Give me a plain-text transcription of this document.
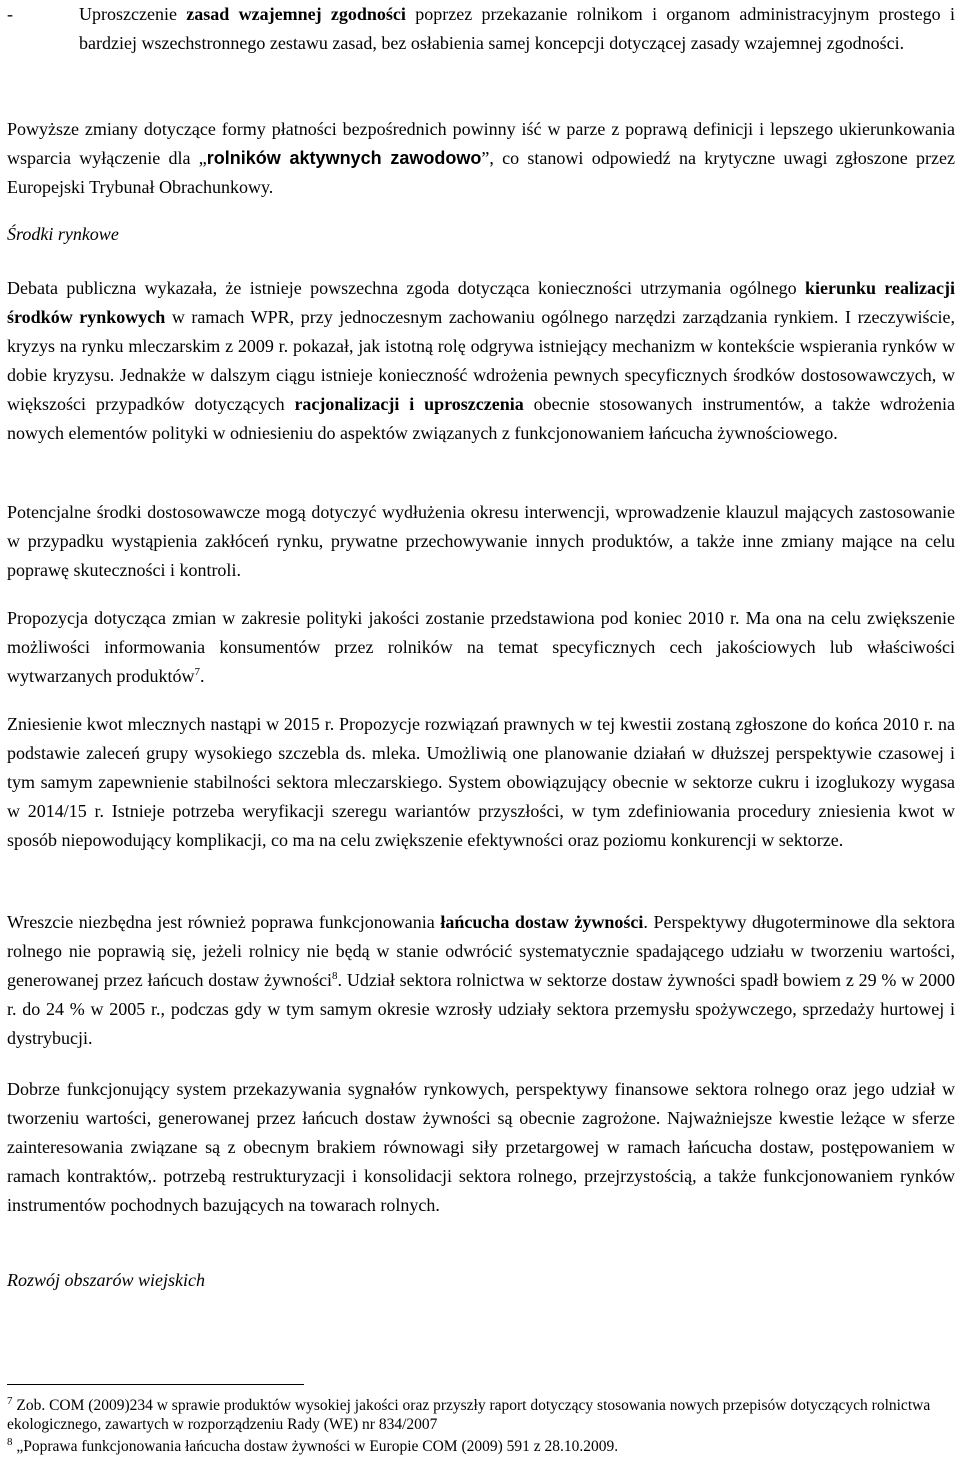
-	Uproszczenie zasad wzajemnej zgodności poprzez przekazanie rolnikom i organom administracyjnym prostego i bardziej wszechstronnego zestawu zasad, bez osłabienia samej koncepcji dotyczącej zasady wzajemnej zgodności.

Powyższe zmiany dotyczące formy płatności bezpośrednich powinny iść w parze z poprawą definicji i lepszego ukierunkowania wsparcia wyłączenie dla „rolników aktywnych zawodowo”, co stanowi odpowiedź na krytyczne uwagi zgłoszone przez Europejski Trybunał Obrachunkowy.

Środki rynkowe

Debata publiczna wykazała, że istnieje powszechna zgoda dotycząca konieczności utrzymania ogólnego kierunku realizacji środków rynkowych w ramach WPR, przy jednoczesnym zachowaniu ogólnego narzędzi zarządzania rynkiem. I rzeczywiście, kryzys na rynku mleczarskim z 2009 r. pokazał, jak istotną rolę odgrywa istniejący mechanizm w kontekście wspierania rynków w dobie kryzysu. Jednakże w dalszym ciągu istnieje konieczność wdrożenia pewnych specyficznych środków dostosowawczych, w większości przypadków dotyczących racjonalizacji i uproszczenia obecnie stosowanych instrumentów, a także wdrożenia nowych elementów polityki w odniesieniu do aspektów związanych z funkcjonowaniem łańcucha żywnościowego.

Potencjalne środki dostosowawcze mogą dotyczyć wydłużenia okresu interwencji, wprowadzenie klauzul mających zastosowanie w przypadku wystąpienia zakłóceń rynku, prywatne przechowywanie innych produktów, a także inne zmiany mające na celu poprawę skuteczności i kontroli.

Propozycja dotycząca zmian w zakresie polityki jakości zostanie przedstawiona pod koniec 2010 r. Ma ona na celu zwiększenie możliwości informowania konsumentów przez rolników na temat specyficznych cech jakościowych lub właściwości wytwarzanych produktów$^7$.

Zniesienie kwot mlecznych nastąpi w 2015 r. Propozycje rozwiązań prawnych w tej kwestii zostaną zgłoszone do końca 2010 r. na podstawie zaleceń grupy wysokiego szczebla ds. mleka. Umożliwią one planowanie działań w dłuższej perspektywie czasowej i tym samym zapewnienie stabilności sektora mleczarskiego. System obowiązujący obecnie w sektorze cukru i izoglukozy wygasa w 2014/15 r. Istnieje potrzeba weryfikacji szeregu wariantów przyszłości, w tym zdefiniowania procedury zniesienia kwot w sposób niepowodujący komplikacji, co ma na celu zwiększenie efektywności oraz poziomu konkurencji w sektorze.

Wreszcie niezbędna jest również poprawa funkcjonowania łańcucha dostaw żywności. Perspektywy długoterminowe dla sektora rolnego nie poprawią się, jeżeli rolnicy nie będą w stanie odwrócić systematycznie spadającego udziału w tworzeniu wartości, generowanej przez łańcuch dostaw żywności$^8$. Udział sektora rolnictwa w sektorze dostaw żywności spadł bowiem z 29 % w 2000 r. do 24 % w 2005 r., podczas gdy w tym samym okresie wzrosły udziały sektora przemysłu spożywczego, sprzedaży hurtowej i dystrybucji.

Dobrze funkcjonujący system przekazywania sygnałów rynkowych, perspektywy finansowe sektora rolnego oraz jego udział w tworzeniu wartości, generowanej przez łańcuch dostaw żywności są obecnie zagrożone. Najważniejsze kwestie leżące w sferze zainteresowania związane są z obecnym brakiem równowagi siły przetargowej w ramach łańcucha dostaw, postępowaniem w ramach kontraktów,. potrzebą restrukturyzacji i konsolidacji sektora rolnego, przejrzystością, a także funkcjonowaniem rynków instrumentów pochodnych bazujących na towarach rolnych.

Rozwój obszarów wiejskich

$^7$ Zob. COM (2009)234 w sprawie produktów wysokiej jakości oraz przyszły raport dotyczący stosowania nowych przepisów dotyczących rolnictwa ekologicznego, zawartych w rozporządzeniu Rady (WE) nr 834/2007

$^8$ „Poprawa funkcjonowania łańcucha dostaw żywności w Europie COM (2009) 591 z 28.10.2009.
